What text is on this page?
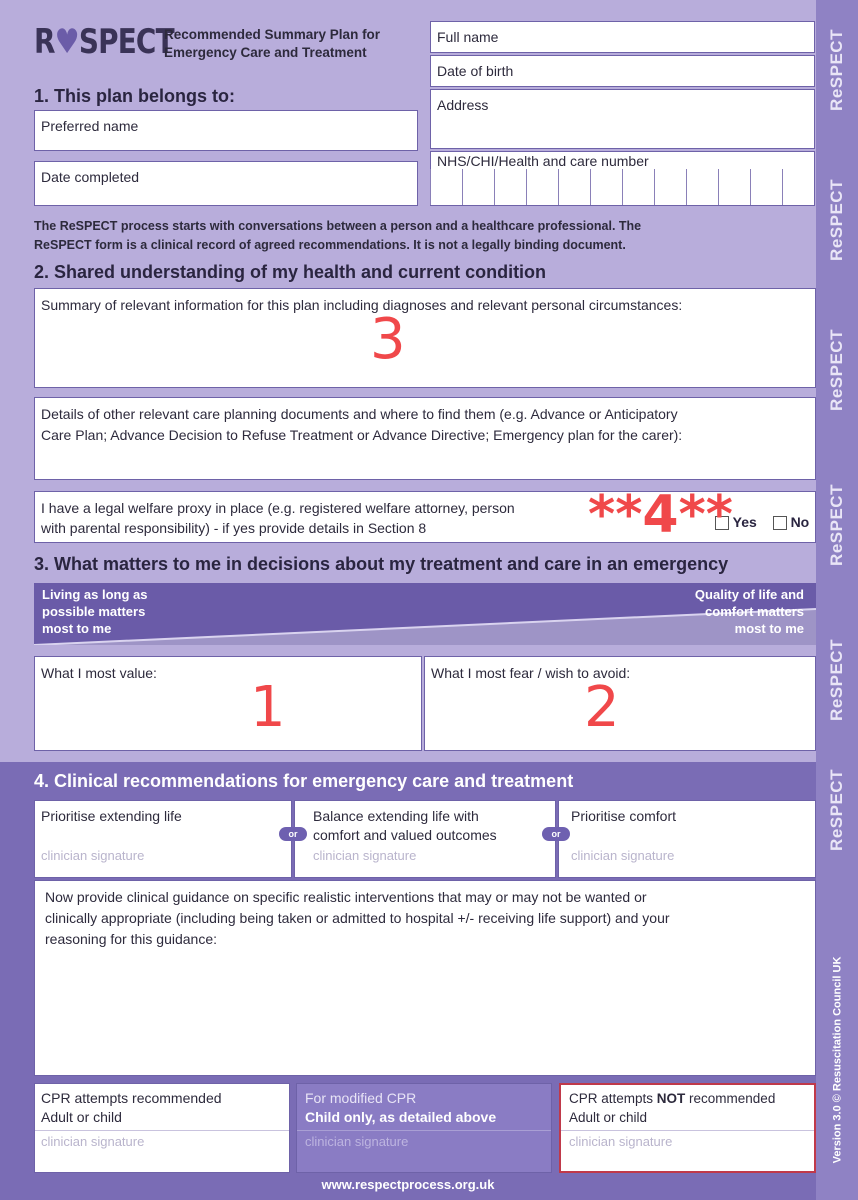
ReSPECT
ReSPECT
ReSPECT
ReSPECT
ReSPECT
ReSPECT
Version 3.0 © Resuscitation Council UK
R♥SPECT
Recommended Summary Plan for
Emergency Care and Treatment
Full name
Date of birth
Address
NHS/CHI/Health and care number
1. This plan belongs to:
Preferred name
Date completed
The ReSPECT process starts with conversations between a person and a healthcare professional. The
ReSPECT form is a clinical record of agreed recommendations. It is not a legally binding document.
2. Shared understanding of my health and current condition
Summary of relevant information for this plan including diagnoses and relevant personal circumstances:
Details of other relevant care planning documents and where to find them (e.g. Advance or Anticipatory
Care Plan; Advance Decision to Refuse Treatment or Advance Directive; Emergency plan for the carer):
I have a legal welfare proxy in place (e.g. registered welfare attorney, person
with parental responsibility) - if yes provide details in Section 8	Yes No
3. What matters to me in decisions about my treatment and care in an emergency
Living as long as
possible matters
most to me
Quality of life and
comfort matters
most to me
What I most value:	What I most fear / wish to avoid:
4. Clinical recommendations for emergency care and treatment
Prioritise extending life
clinician signature
Balance extending life with
comfort and valued outcomes
clinician signature
Prioritise comfort
clinician signature
or	or
Now provide clinical guidance on specific realistic interventions that may or may not be wanted or
clinically appropriate (including being taken or admitted to hospital +/- receiving life support) and your
reasoning for this guidance:
CPR attempts recommended
Adult or child
clinician signature
For modified CPR
Child only, as detailed above
clinician signature
CPR attempts NOT recommended
Adult or child
clinician signature
www.respectprocess.org.uk
3
**4**
1	2
